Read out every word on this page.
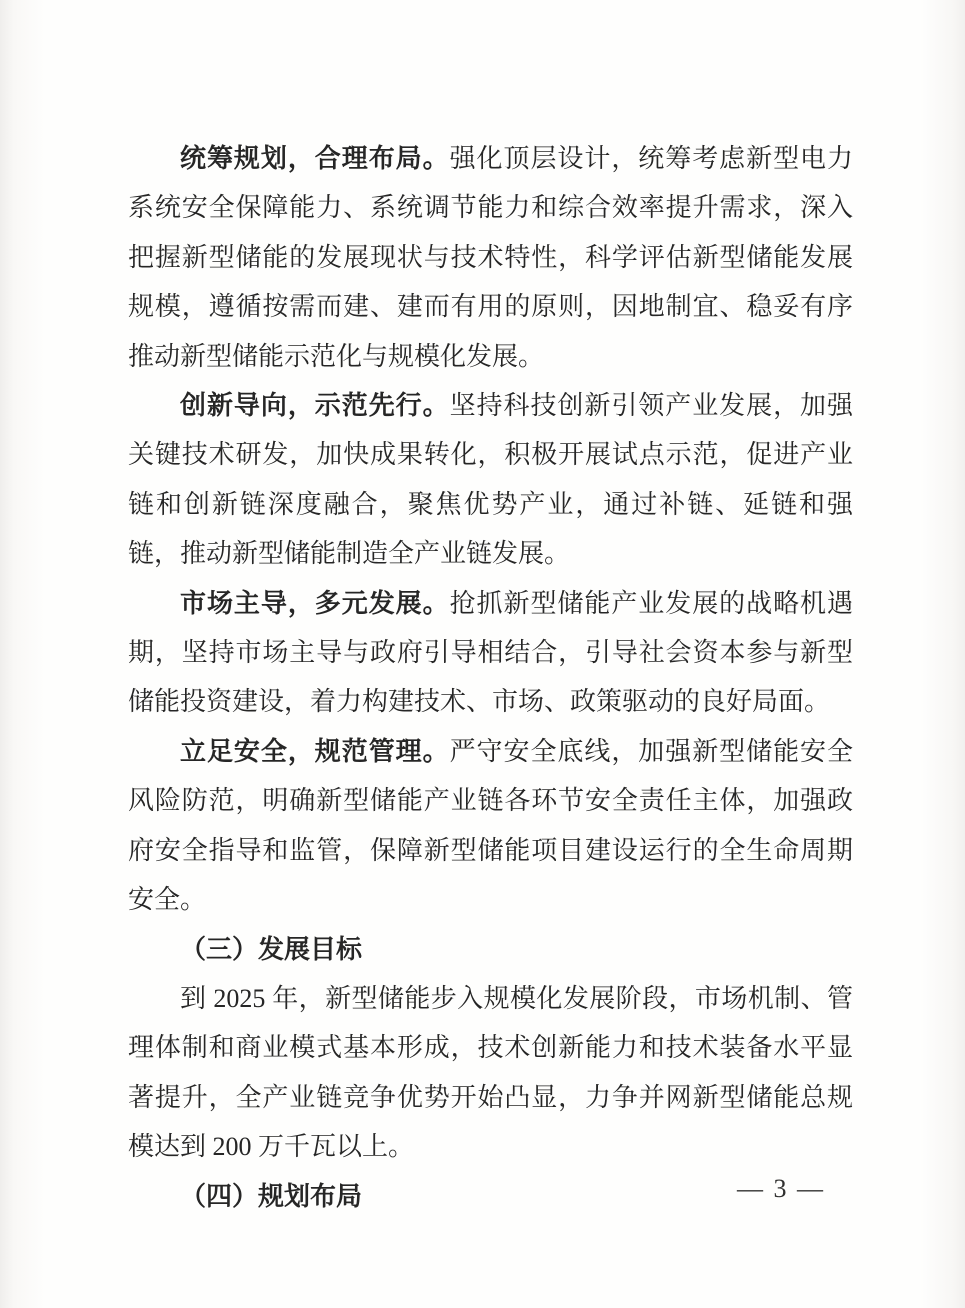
统筹规划，合理布局。强化顶层设计，统筹考虑新型电力系统安全保障能力、系统调节能力和综合效率提升需求，深入把握新型储能的发展现状与技术特性，科学评估新型储能发展规模，遵循按需而建、建而有用的原则，因地制宜、稳妥有序推动新型储能示范化与规模化发展。

创新导向，示范先行。坚持科技创新引领产业发展，加强关键技术研发，加快成果转化，积极开展试点示范，促进产业链和创新链深度融合，聚焦优势产业，通过补链、延链和强链，推动新型储能制造全产业链发展。

市场主导，多元发展。抢抓新型储能产业发展的战略机遇期，坚持市场主导与政府引导相结合，引导社会资本参与新型储能投资建设，着力构建技术、市场、政策驱动的良好局面。

立足安全，规范管理。严守安全底线，加强新型储能安全风险防范，明确新型储能产业链各环节安全责任主体，加强政府安全指导和监管，保障新型储能项目建设运行的全生命周期安全。

（三）发展目标

到 2025 年，新型储能步入规模化发展阶段，市场机制、管理体制和商业模式基本形成，技术创新能力和技术装备水平显著提升，全产业链竞争优势开始凸显，力争并网新型储能总规模达到 200 万千瓦以上。

（四）规划布局	— 3 —
